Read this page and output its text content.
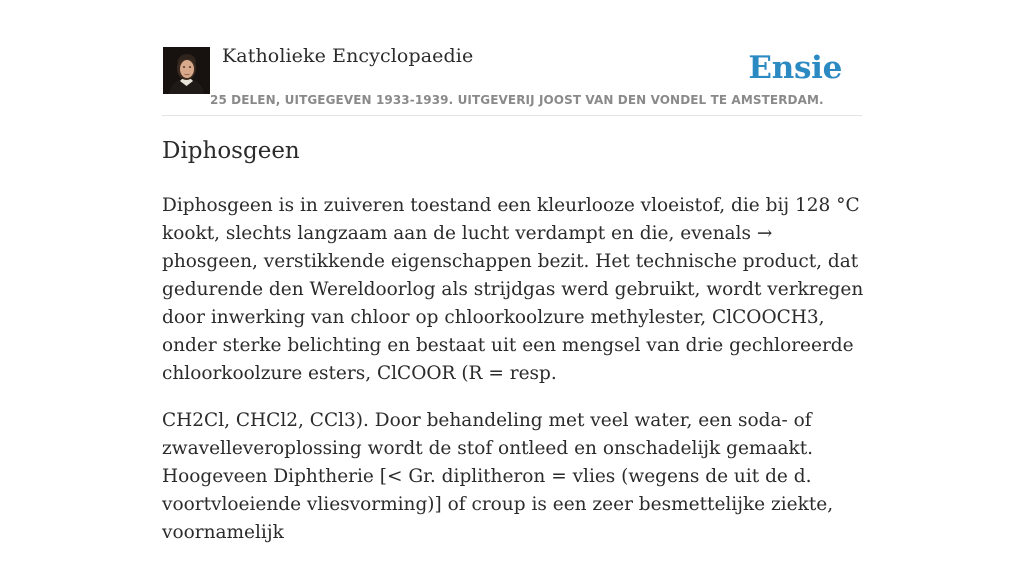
Katholieke Encyclopaedie	Ensie
25 DELEN, UITGEGEVEN 1933-1939. UITGEVERIJ JOOST VAN DEN VONDEL TE AMSTERDAM.
Diphosgeen

Diphosgeen is in zuiveren toestand een kleurlooze vloeistof, die bij 128 °C kookt, slechts langzaam aan de lucht verdampt en die, evenals → phosgeen, verstikkende eigenschappen bezit. Het technische product, dat gedurende den Wereldoorlog als strijdgas werd gebruikt, wordt verkregen door inwerking van chloor op chloorkoolzure methylester, ClCOOCH3, onder sterke belichting en bestaat uit een mengsel van drie gechloreerde chloorkoolzure esters, ClCOOR (R = resp.

CH2Cl, CHCl2, CCl3). Door behandeling met veel water, een soda- of zwavelleveroplossing wordt de stof ontleed en onschadelijk gemaakt. Hoogeveen Diphtherie [< Gr. diplitheron = vlies (wegens de uit de d. voortvloeiende vliesvorming)] of croup is een zeer besmettelijke ziekte, voornamelijk
